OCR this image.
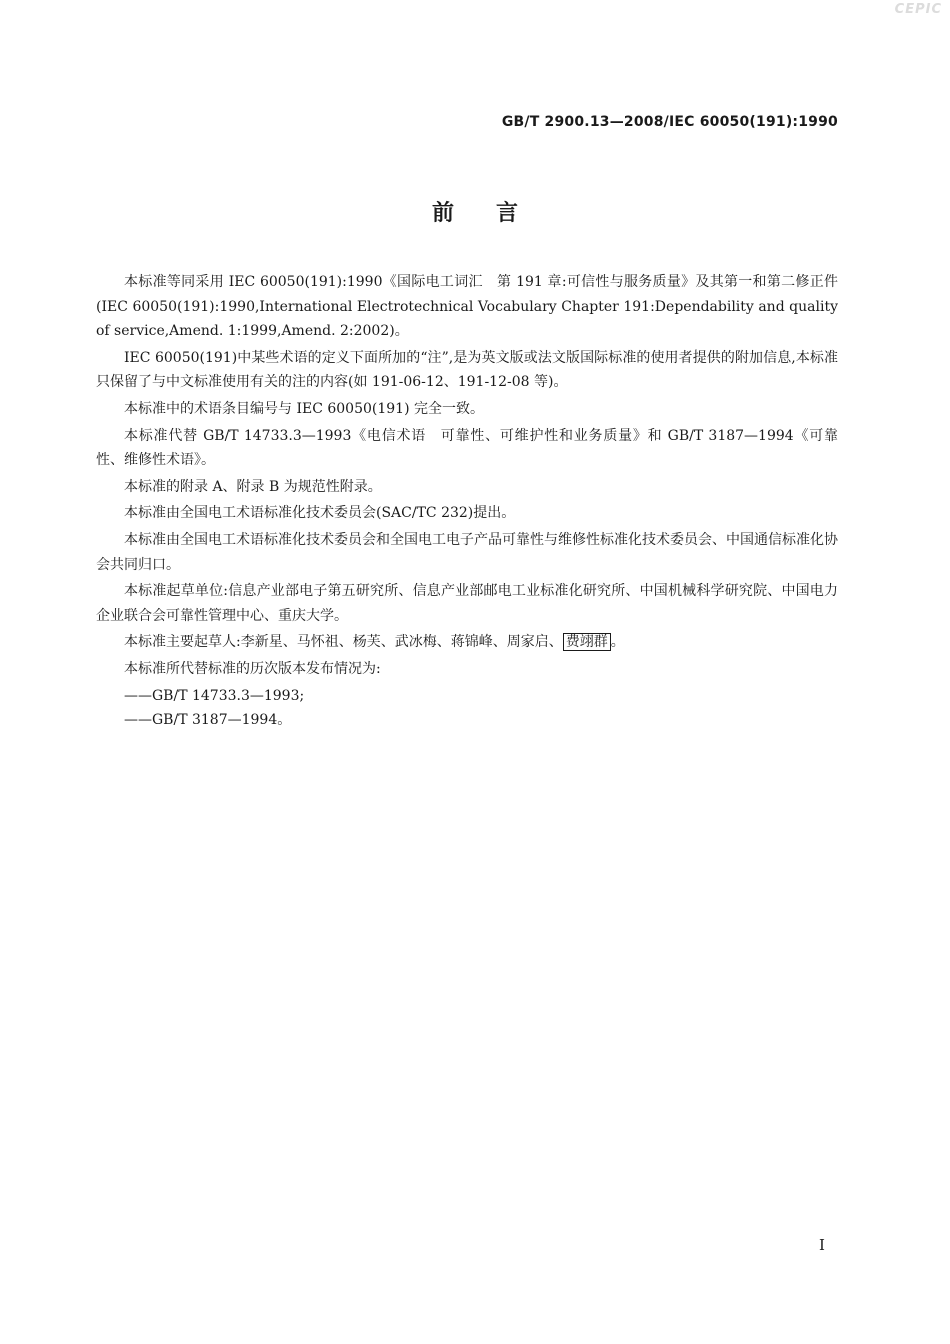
CEPIC
GB/T 2900.13—2008/IEC 60050(191):1990
前言

本标准等同采用 IEC 60050(191):1990《国际电工词汇　第 191 章:可信性与服务质量》及其第一和第二修正件(IEC 60050(191):1990,International Electrotechnical Vocabulary Chapter 191:Dependability and quality of service,Amend. 1:1999,Amend. 2:2002)。

IEC 60050(191)中某些术语的定义下面所加的“注”,是为英文版或法文版国际标准的使用者提供的附加信息,本标准只保留了与中文标准使用有关的注的内容(如 191-06-12、191-12-08 等)。

本标准中的术语条目编号与 IEC 60050(191) 完全一致。

本标准代替 GB/T 14733.3—1993《电信术语　可靠性、可维护性和业务质量》和 GB/T 3187—1994《可靠性、维修性术语》。

本标准的附录 A、附录 B 为规范性附录。

本标准由全国电工术语标准化技术委员会(SAC/TC 232)提出。

本标准由全国电工术语标准化技术委员会和全国电工电子产品可靠性与维修性标准化技术委员会、中国通信标准化协会共同归口。

本标准起草单位:信息产业部电子第五研究所、信息产业部邮电工业标准化研究所、中国机械科学研究院、中国电力企业联合会可靠性管理中心、重庆大学。

本标准主要起草人:李新星、马怀祖、杨芙、武冰梅、蒋锦峰、周家启、 费翊群 。

本标准所代替标准的历次版本发布情况为:

——GB/T 14733.3—1993;
——GB/T 3187—1994。
I
